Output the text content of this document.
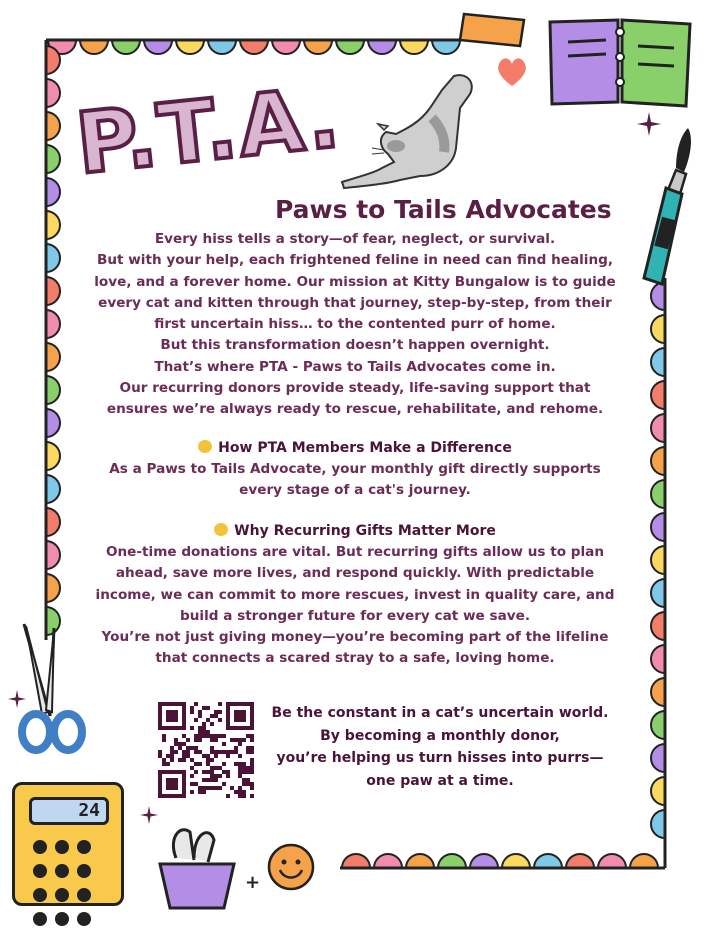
P.T.A.
Paws to Tails Advocates

Every hiss tells a story—of fear, neglect, or survival.

But with your help, each frightened feline in need can find healing,

love, and a forever home. Our mission at Kitty Bungalow is to guide

every cat and kitten through that journey, step-by-step, from their

first uncertain hiss… to the contented purr of home.

But this transformation doesn’t happen overnight.

That’s where PTA - Paws to Tails Advocates come in.

Our recurring donors provide steady, life-saving support that

ensures we’re always ready to rescue, rehabilitate, and rehome.

How PTA Members Make a Difference

As a Paws to Tails Advocate, your monthly gift directly supports

every stage of a cat's journey.

Why Recurring Gifts Matter More

One-time donations are vital. But recurring gifts allow us to plan

ahead, save more lives, and respond quickly. With predictable

income, we can commit to more rescues, invest in quality care, and

build a stronger future for every cat we save.

You’re not just giving money—you’re becoming part of the lifeline

that connects a scared stray to a safe, loving home.

Be the constant in a cat’s uncertain world.

By becoming a monthly donor,

you’re helping us turn hisses into purrs—

one paw at a time.

24
+
+
